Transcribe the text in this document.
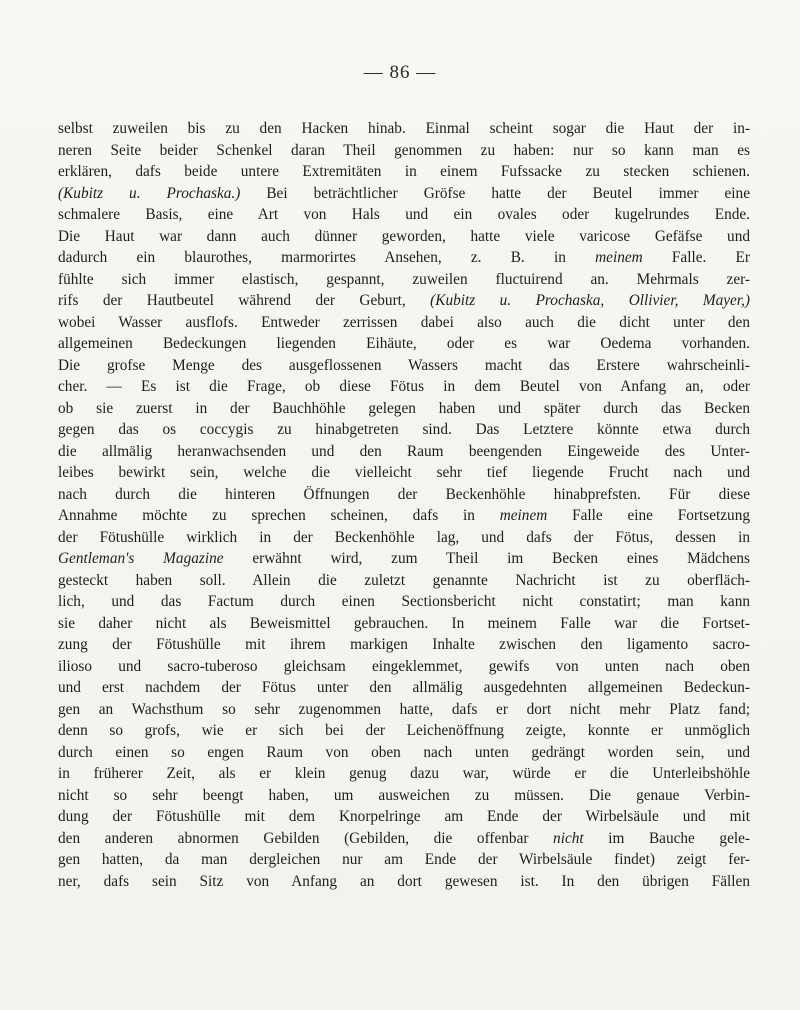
— 86 —
selbst zuweilen bis zu den Hacken hinab. Einmal scheint sogar die Haut der in-
neren Seite beider Schenkel daran Theil genommen zu haben: nur so kann man es
erklären, dafs beide untere Extremitäten in einem Fufssacke zu stecken schienen.
(Kubitz u. Prochaska.) Bei beträchtlicher Gröfse hatte der Beutel immer eine
schmalere Basis, eine Art von Hals und ein ovales oder kugelrundes Ende.
Die Haut war dann auch dünner geworden, hatte viele varicose Gefäfse und
dadurch ein blaurothes, marmorirtes Ansehen, z. B. in meinem Falle. Er
fühlte sich immer elastisch, gespannt, zuweilen fluctuirend an. Mehrmals zer-
rifs der Hautbeutel während der Geburt, (Kubitz u. Prochaska, Ollivier, Mayer,)
wobei Wasser ausflofs. Entweder zerrissen dabei also auch die dicht unter den
allgemeinen Bedeckungen liegenden Eihäute, oder es war Oedema vorhanden.
Die grofse Menge des ausgeflossenen Wassers macht das Erstere wahrscheinli-
cher. — Es ist die Frage, ob diese Fötus in dem Beutel von Anfang an, oder
ob sie zuerst in der Bauchhöhle gelegen haben und später durch das Becken
gegen das os coccygis zu hinabgetreten sind. Das Letztere könnte etwa durch
die allmälig heranwachsenden und den Raum beengenden Eingeweide des Unter-
leibes bewirkt sein, welche die vielleicht sehr tief liegende Frucht nach und
nach durch die hinteren Öffnungen der Beckenhöhle hinabprefsten. Für diese
Annahme möchte zu sprechen scheinen, dafs in meinem Falle eine Fortsetzung
der Fötushülle wirklich in der Beckenhöhle lag, und dafs der Fötus, dessen in
Gentleman's Magazine erwähnt wird, zum Theil im Becken eines Mädchens
gesteckt haben soll. Allein die zuletzt genannte Nachricht ist zu oberfläch-
lich, und das Factum durch einen Sectionsbericht nicht constatirt; man kann
sie daher nicht als Beweismittel gebrauchen. In meinem Falle war die Fortset-
zung der Fötushülle mit ihrem markigen Inhalte zwischen den ligamento sacro-
ilioso und sacro-tuberoso gleichsam eingeklemmet, gewifs von unten nach oben
und erst nachdem der Fötus unter den allmälig ausgedehnten allgemeinen Bedeckun-
gen an Wachsthum so sehr zugenommen hatte, dafs er dort nicht mehr Platz fand;
denn so grofs, wie er sich bei der Leichenöffnung zeigte, konnte er unmöglich
durch einen so engen Raum von oben nach unten gedrängt worden sein, und
in früherer Zeit, als er klein genug dazu war, würde er die Unterleibshöhle
nicht so sehr beengt haben, um ausweichen zu müssen. Die genaue Verbin-
dung der Fötushülle mit dem Knorpelringe am Ende der Wirbelsäule und mit
den anderen abnormen Gebilden (Gebilden, die offenbar nicht im Bauche gele-
gen hatten, da man dergleichen nur am Ende der Wirbelsäule findet) zeigt fer-
ner, dafs sein Sitz von Anfang an dort gewesen ist. In den übrigen Fällen
